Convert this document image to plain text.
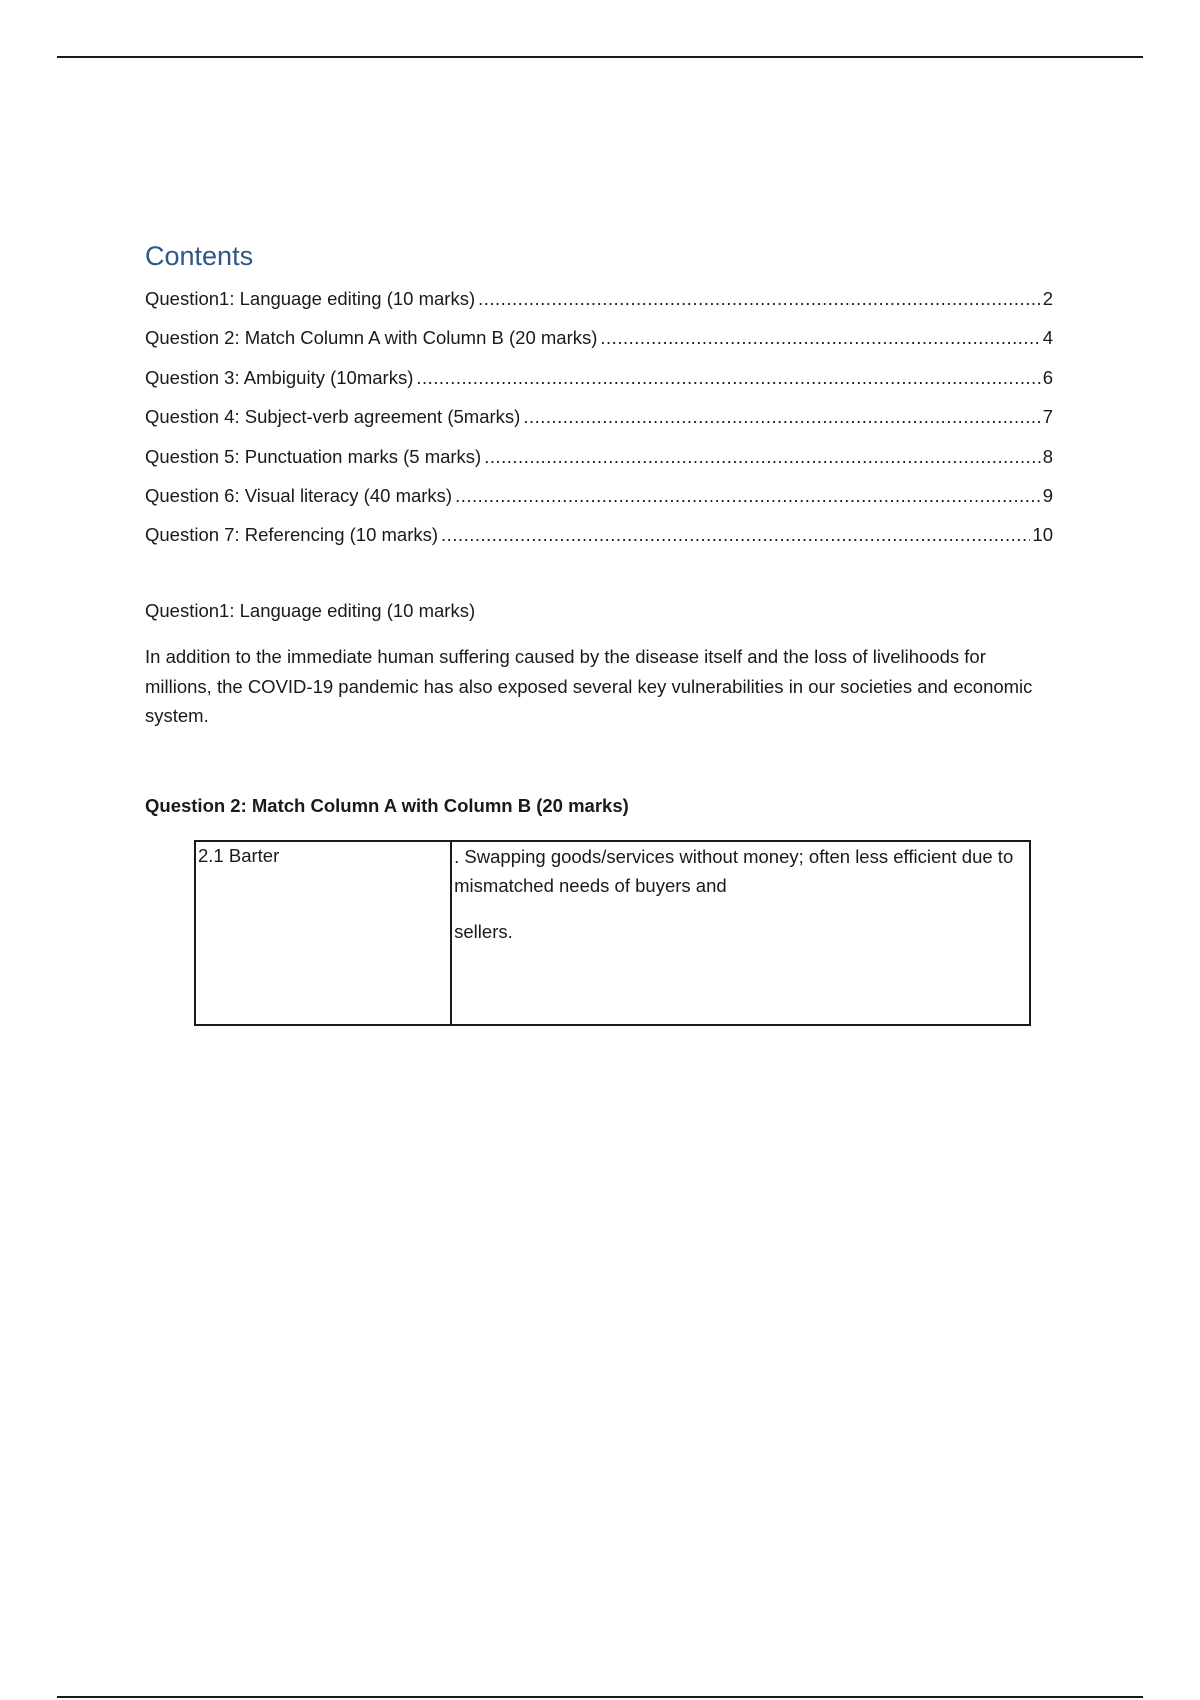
Contents
Question1: Language editing (10 marks) .....	2
Question 2: Match Column A with Column B (20 marks) .....	4
Question 3: Ambiguity (10marks) .....	6
Question 4: Subject-verb agreement (5marks) .....	7
Question 5: Punctuation marks (5 marks) .....	8
Question 6: Visual literacy (40 marks) .....	9
Question 7: Referencing (10 marks) .....	10
Question1: Language editing (10 marks)

In addition to the immediate human suffering caused by the disease itself and the loss of livelihoods for millions, the COVID-19 pandemic has also exposed several key vulnerabilities in our societies and economic system.

Question 2: Match Column A with Column B (20 marks)
2.1 Barter	. Swapping goods/services without money; often less efficient due to mismatched needs of buyers and

sellers.
